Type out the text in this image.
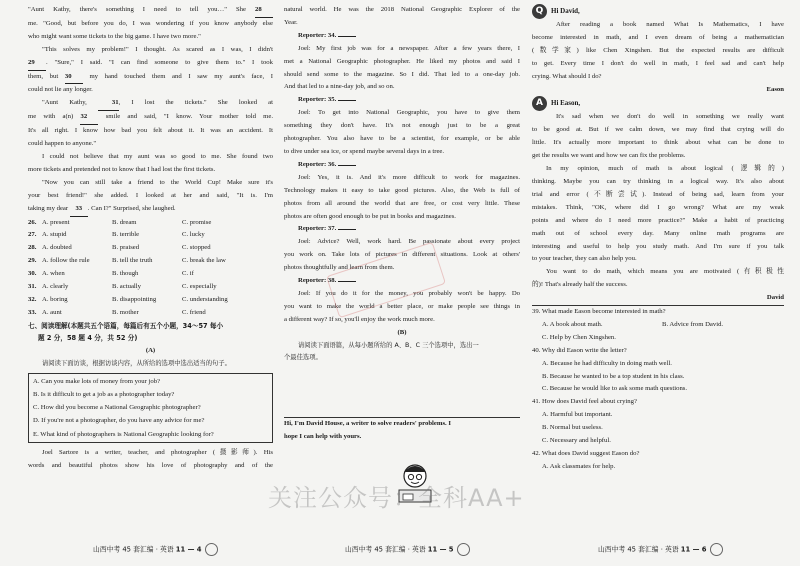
"Aunt Kathy, there's something I need to tell you…" She 28
me. "Good, but before you do, I was wondering if you know anybody else
who might want some tickets to the big game. I have two more."
"This solves my problem!" I thought. As scared as I was, I didn't
29 . "Sure," I said. "I can find someone to give them to." I took
them, but 30	my hand touched them and I saw my aunt's face, I
could not lie any longer.
"Aunt Kathy,	31, I lost the tickets." She looked at
me with a(n) 32	smile and said, "I know. Your mother told me.
It's all right. I know how bad you felt about it. It was an accident. It
could happen to anyone."
I could not believe that my aunt was so good to me. She found two
more tickets and pretended not to know that I had lost the first tickets.
"Now you can still take a friend to the World Cup! Make sure it's
your best friend!" she added. I looked at her and said, "It is. I'm
taking my dear 33 . Can I?" Surprised, she laughed.
26. A. present	B. dream	C. promise
27. A. stupid	B. terrible	C. lucky
28. A. doubted	B. praised	C. stopped
29. A. follow the rule	B. tell the truth	C. break the law
30. A. when	B. though	C. if
31. A. clearly	B. actually	C. especially
32. A. boring	B. disappointing	C. understanding
33. A. aunt	B. mother	C. friend
七、阅读理解(本题共五个语篇，每篇后有五个小题，34～57 每小
题 2 分，58 题 4 分，共 52 分)
(A)
请阅读下面访谈，根据访谈内容，从所给的选项中选出适当的句子。
A. Can you make lots of money from your job?
B. Is it difficult to get a job as a photographer today?
C. How did you become a National Geographic photographer?
D. If you're not a photographer, do you have any advice for me?
E. What kind of photographers is National Geographic looking for?
Joel Sartore is a writer, teacher, and photographer (摄影师). His
words and beautiful photos show his love of photography and of the
natural world. He was the 2018 National Geographic Explorer of the
Year.
Reporter: 34.
Joel: My first job was for a newspaper. After a few years there, I
met a National Geographic photographer. He liked my photos and said I
should send some to the magazine. So I did. That led to a one-day job.
And that led to a nine-day job, and so on.
Reporter: 35.
Joel: To get into National Geographic, you have to give them
something they don't have. It's not enough just to be a great
photographer. You also have to be a scientist, for example, or be able
to dive under sea ice, or spend maybe several days in a tree.
Reporter: 36.
Joel: Yes, it is. And it's more difficult to work for magazines.
Technology makes it easy to take good pictures. Also, the Web is full of
photos from all around the world that are free, or cost very little. These
photos are often good enough to be put in books and magazines.
Reporter: 37.
Joel: Advice? Well, work hard. Be passionate about every project
you work on. Take lots of pictures in different situations. Look at others'
photos thoughtfully and learn from them.
Reporter: 38.
Joel: If you do it for the money, you probably won't be happy. Do
you want to make the world a better place, or make people see things in
a different way? If so, you'll enjoy the work much more.
(B)
请阅读下面语篇，从每小题所给的 A、B、C 三个选项中，选出一
个最佳选项。
Hi, I'm David House, a writer to solve readers' problems. I
hope I can help with yours.
Q Hi David,
After reading a book named What Is Mathematics, I have
become interested in math, and I even dream of being a mathematician
(数学家) like Chen Xingshen. But the expected results are difficult
to get. Every time I don't do well in math, I feel sad and can't help
crying. What should I do?
Eason
A Hi Eason,
It's sad when we don't do well in something we really want
to be good at. But if we calm down, we may find that crying will do
little. It's actually more important to think about what can be done to
get the results we want and how we can fix the problems.
In my opinion, much of math is about logical (逻辑的)
thinking. Maybe you can try thinking in a logical way. It's also about
trial and error (不断尝试). Instead of being sad, learn from your
mistakes. Think, "OK, where did I go wrong? What are my weak
points and where do I need more practice?" Make a habit of practicing
math out of school every day. Many online math programs are
interesting and useful to help you study math. And I'm sure if you talk
to your teacher, they can also help you.
You want to do math, which means you are motivated (有积极性
的)! That's already half the success.
David
39. What made Eason become interested in math?
A. A book about math.	B. Advice from David.
C. Help by Chen Xingshen.
40. Why did Eason write the letter?
A. Because he had difficulty in doing math well.
B. Because he wanted to be a top student in his class.
C. Because he would like to ask some math questions.
41. How does David feel about crying?
A. Harmful but important.
B. Normal but useless.
C. Necessary and helpful.
42. What does David suggest Eason do?
A. Ask classmates for help.
关注公众号：全科AA+
山西中考 45 套汇编 · 英语 11 — 4	山西中考 45 套汇编 · 英语 11 — 5	山西中考 45 套汇编 · 英语 11 — 6
